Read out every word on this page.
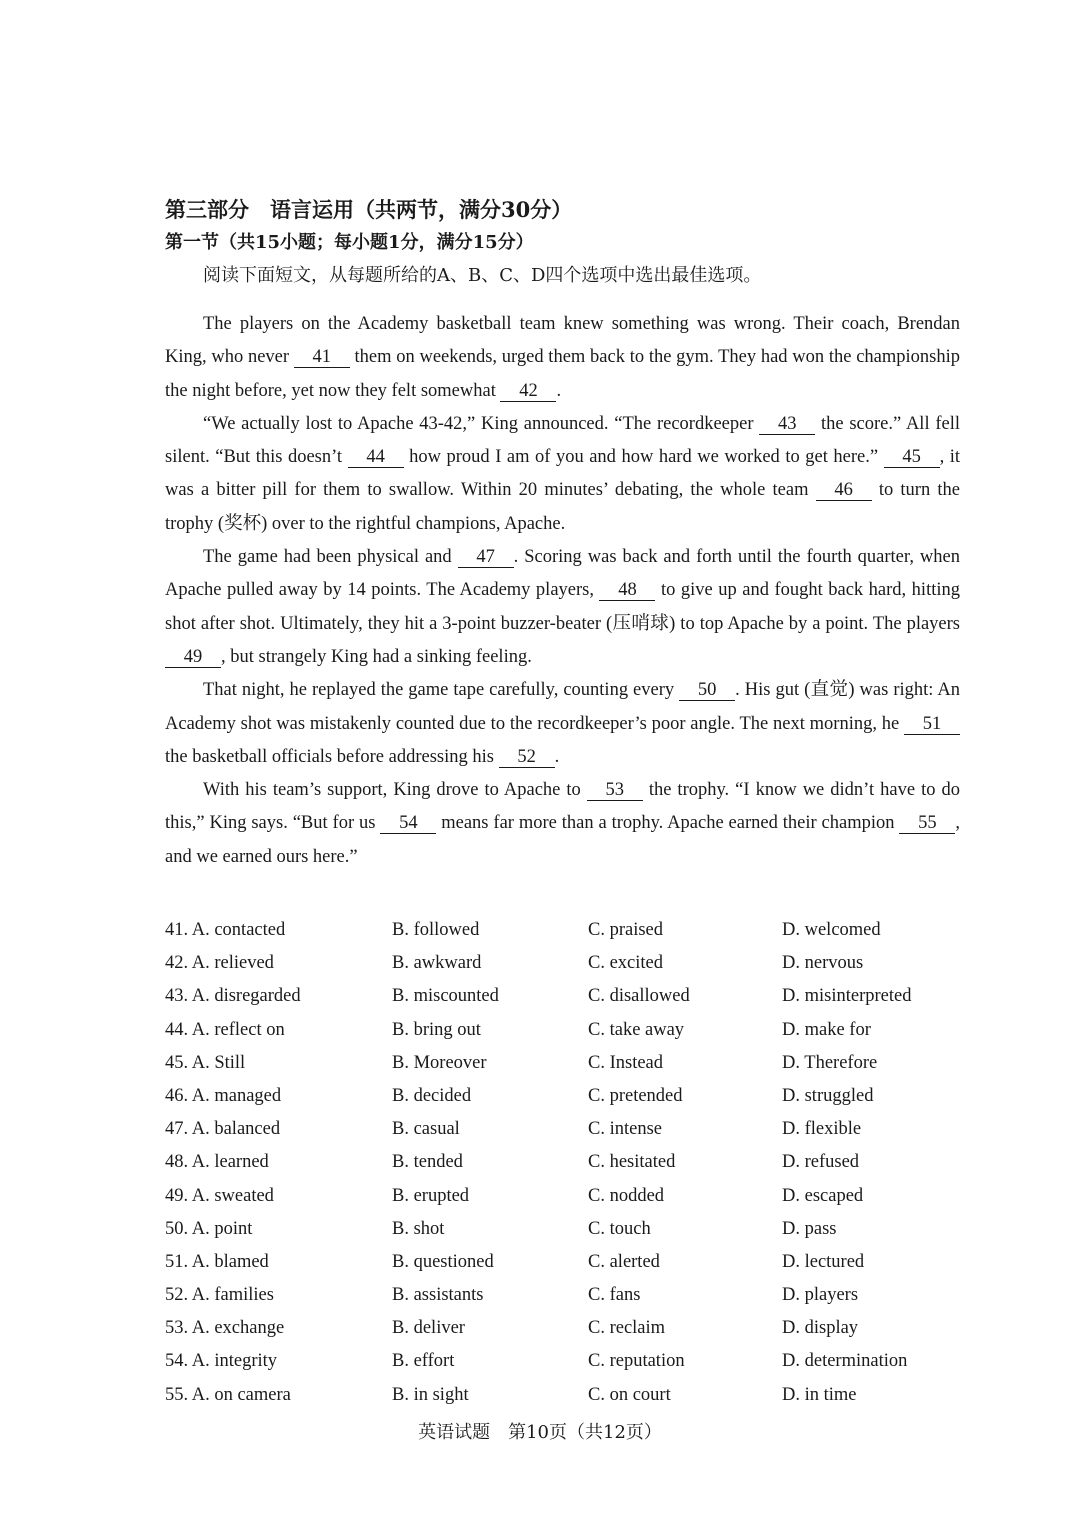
第三部分　语言运用（共两节，满分30分）
第一节（共15小题；每小题1分，满分15分）
阅读下面短文，从每题所给的A、B、C、D四个选项中选出最佳选项。

The players on the Academy basketball team knew something was wrong. Their coach, Brendan King, who never 41 them on weekends, urged them back to the gym. They had won the championship the night before, yet now they felt somewhat 42 .

“We actually lost to Apache 43-42,” King announced. “The recordkeeper 43 the score.” All fell silent. “But this doesn’t 44 how proud I am of you and how hard we worked to get here.” 45 , it was a bitter pill for them to swallow. Within 20 minutes’ debating, the whole team 46 to turn the trophy (奖杯) over to the rightful champions, Apache.

The game had been physical and 47 . Scoring was back and forth until the fourth quarter, when Apache pulled away by 14 points. The Academy players, 48 to give up and fought back hard, hitting shot after shot. Ultimately, they hit a 3-point buzzer-beater (压哨球) to top Apache by a point. The players 49 , but strangely King had a sinking feeling.

That night, he replayed the game tape carefully, counting every 50 . His gut (直觉) was right: An Academy shot was mistakenly counted due to the recordkeeper’s poor angle. The next morning, he 51 the basketball officials before addressing his 52 .

With his team’s support, King drove to Apache to 53 the trophy. “I know we didn’t have to do this,” King says. “But for us 54 means far more than a trophy. Apache earned their champion 55 , and we earned ours here.”

41. A. contacted	B. followed	C. praised	D. welcomed
42. A. relieved	B. awkward	C. excited	D. nervous
43. A. disregarded	B. miscounted	C. disallowed	D. misinterpreted
44. A. reflect on	B. bring out	C. take away	D. make for
45. A. Still	B. Moreover	C. Instead	D. Therefore
46. A. managed	B. decided	C. pretended	D. struggled
47. A. balanced	B. casual	C. intense	D. flexible
48. A. learned	B. tended	C. hesitated	D. refused
49. A. sweated	B. erupted	C. nodded	D. escaped
50. A. point	B. shot	C. touch	D. pass
51. A. blamed	B. questioned	C. alerted	D. lectured
52. A. families	B. assistants	C. fans	D. players
53. A. exchange	B. deliver	C. reclaim	D. display
54. A. integrity	B. effort	C. reputation	D. determination
55. A. on camera	B. in sight	C. on court	D. in time
英语试题　第10页（共12页）
